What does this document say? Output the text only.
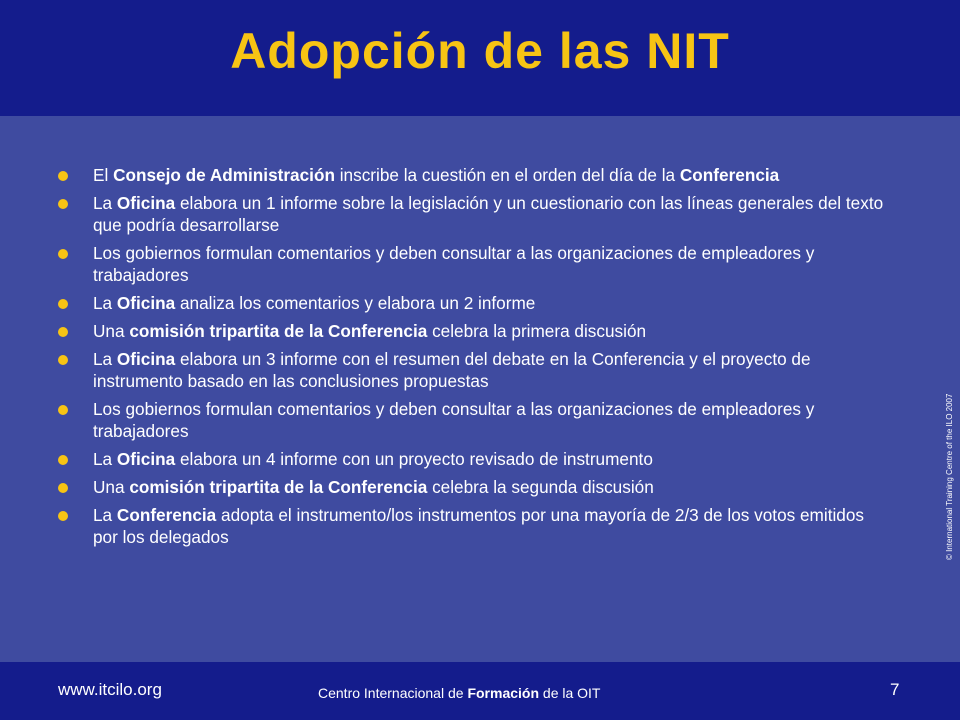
Adopción de las NIT
El Consejo de Administración inscribe la cuestión en el orden del día de la Conferencia
La Oficina elabora un 1 informe sobre la legislación y un cuestionario con las líneas generales del texto que podría desarrollarse
Los gobiernos formulan comentarios y deben consultar a las organizaciones de empleadores y trabajadores
La Oficina analiza los comentarios y elabora un 2 informe
Una comisión tripartita de la Conferencia celebra la primera discusión
La Oficina elabora un 3 informe con el resumen del debate en la Conferencia y el proyecto de instrumento basado en las conclusiones propuestas
Los gobiernos formulan comentarios y deben consultar a las organizaciones de empleadores y trabajadores
La Oficina elabora un 4 informe con un proyecto revisado de instrumento
Una comisión tripartita de la Conferencia celebra la segunda discusión
La Conferencia adopta el instrumento/los instrumentos por una mayoría de 2/3 de los votos emitidos por los delegados	© International Training Centre of the ILO 2007
www.itcilo.org	Centro Internacional de Formación de la OIT	7
